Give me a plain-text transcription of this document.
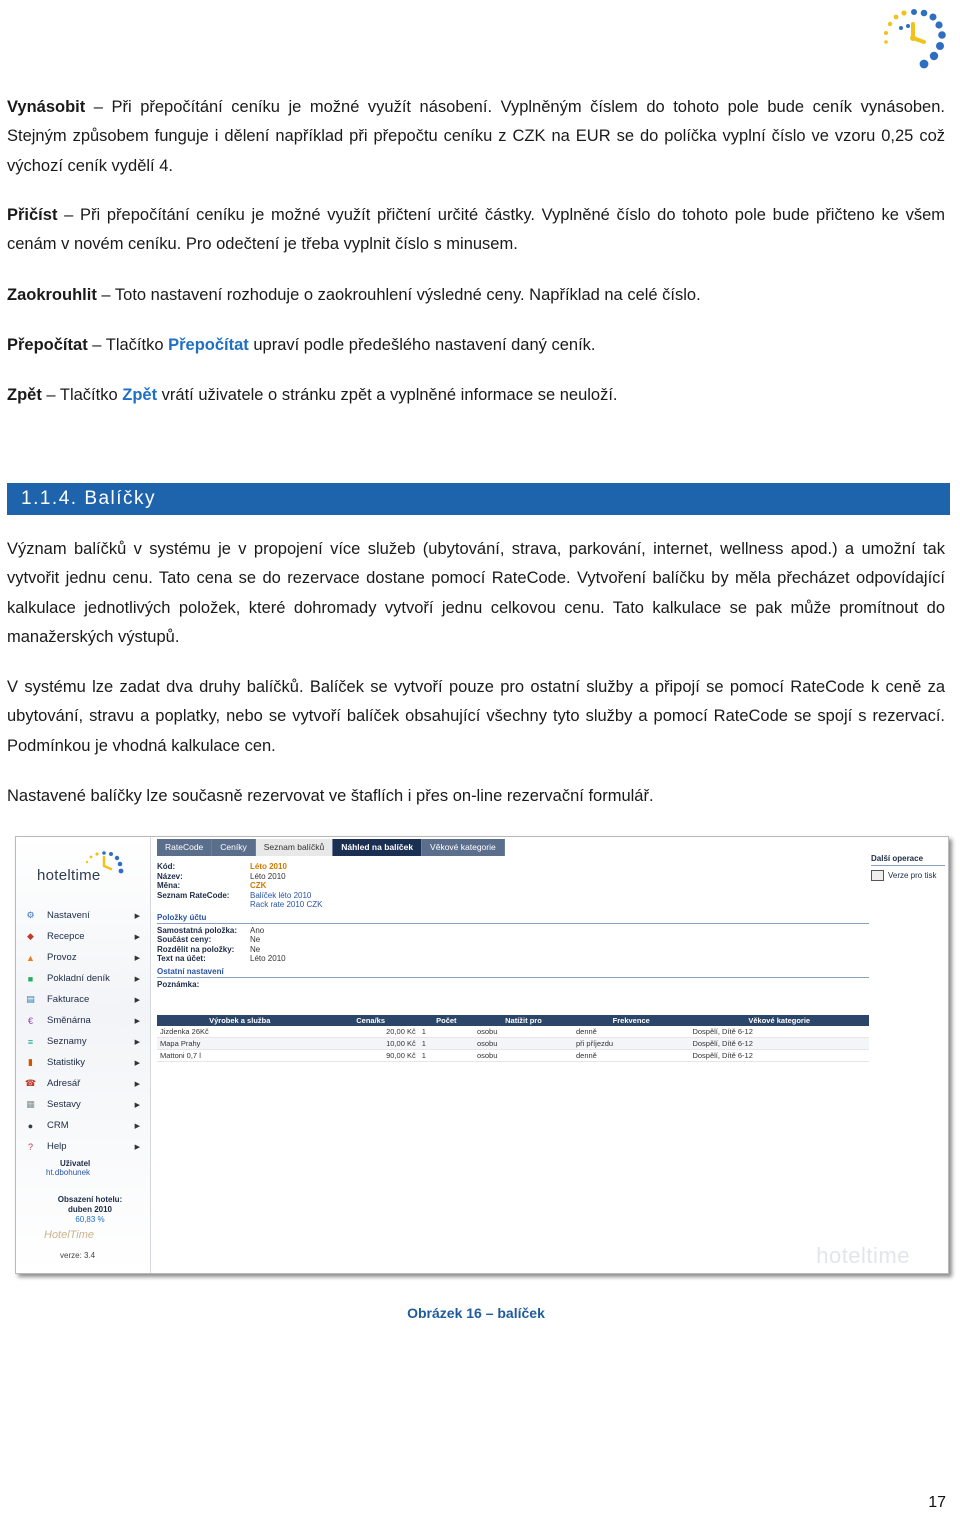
Vynásobit – Při přepočítání ceníku je možné využít násobení. Vyplněným číslem do tohoto pole bude ceník vynásoben. Stejným způsobem funguje i dělení například při přepočtu ceníku z CZK na EUR se do políčka vyplní číslo ve vzoru 0,25 což výchozí ceník vydělí 4.
Přičíst – Při přepočítání ceníku je možné využít přičtení určité částky. Vyplněné číslo do tohoto pole bude přičteno ke všem cenám v novém ceníku. Pro odečtení je třeba vyplnit číslo s minusem.
Zaokrouhlit – Toto nastavení rozhoduje o zaokrouhlení výsledné ceny. Například na celé číslo.
Přepočítat – Tlačítko Přepočítat upraví podle předešlého nastavení daný ceník.
Zpět – Tlačítko Zpět vrátí uživatele o stránku zpět a vyplněné informace se neuloží.
1.1.4. Balíčky
Význam balíčků v systému je v propojení více služeb (ubytování, strava, parkování, internet, wellness apod.) a umožní tak vytvořit jednu cenu. Tato cena se do rezervace dostane pomocí RateCode. Vytvoření balíčku by měla přecházet odpovídající kalkulace jednotlivých položek, které dohromady vytvoří jednu celkovou cenu. Tato kalkulace se pak může promítnout do manažerských výstupů.
V systému lze zadat dva druhy balíčků. Balíček se vytvoří pouze pro ostatní služby a připojí se pomocí RateCode k ceně za ubytování, stravu a poplatky, nebo se vytvoří balíček obsahující všechny tyto služby a pomocí RateCode se spojí s rezervací. Podmínkou je vhodná kalkulace cen.
Nastavené balíčky lze současně rezervovat ve štaflích i přes on-line rezervační formulář.
hoteltime
⚙ Nastavení	▶
◆	Recepce	▶
▲ Provoz	▶
■	Pokladní deník	▶
▤ Fakturace	▶
€	Směnárna	▶
≡	Seznamy	▶
▮	Statistiky	▶
☎ Adresář	▶
▦ Sestavy	▶
●	CRM	▶
?	Help	▶
Uživatel
ht.dbohunek
Obsazení hotelu:
duben 2010
60,83 %
HotelTime
verze: 3.4
RateCode	Ceníky	Seznam balíčků	Náhled na balíček	Věkové kategorie
Kód:	Léto 2010
Název:	Léto 2010
Měna:	CZK
Seznam RateCode:	Balíček léto 2010
Rack rate 2010 CZK
Položky účtu
Samostatná položka:	Ano
Součást ceny:	Ne
Rozdělit na položky:	Ne
Text na účet:	Léto 2010
Ostatní nastavení
Poznámka:
Výrobek a služba	Cena/ks	Počet	Natížit pro	Frekvence	Věkové kategorie
Jizdenka 26Kč	20,00 Kč	1	osobu	denně	Dospělí, Dítě 6-12
Mapa Prahy	10,00 Kč	1	osobu	při příjezdu	Dospělí, Dítě 6-12
Mattoni 0,7 l	90,00 Kč	1	osobu	denně	Dospělí, Dítě 6-12
Další operace
Verze pro tisk
hoteltime
Obrázek 16 – balíček
17
